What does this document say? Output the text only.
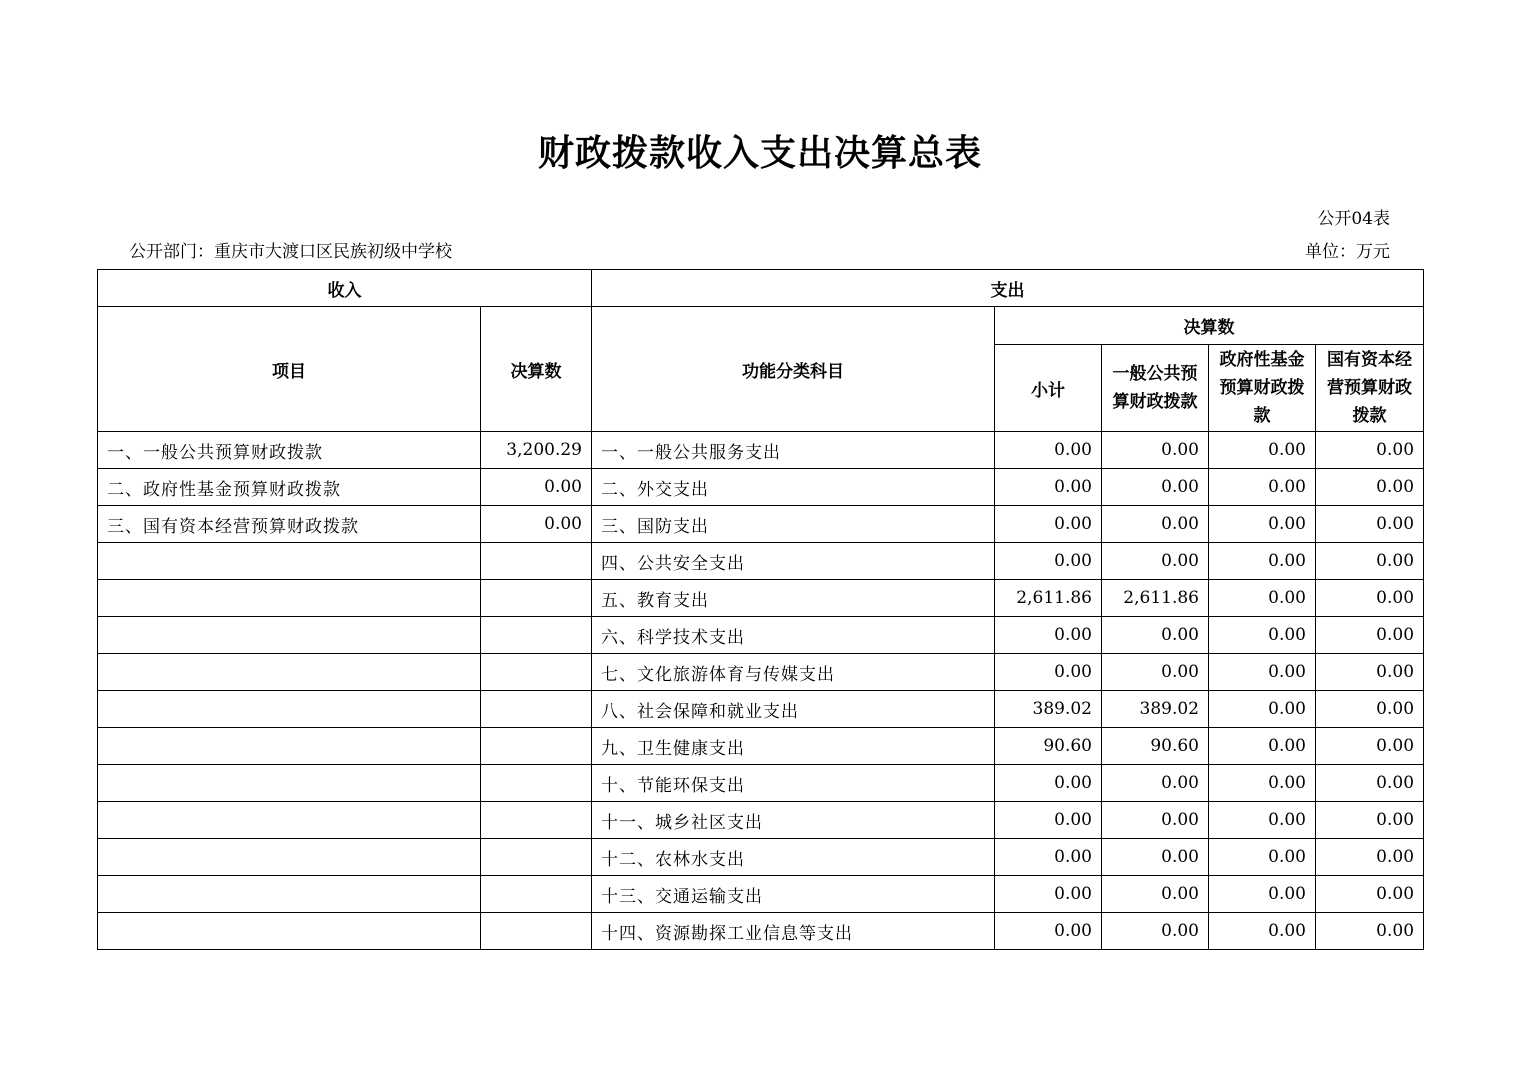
财政拨款收入支出决算总表
公开04表
公开部门：重庆市大渡口区民族初级中学校	单位：万元
收入		支出				
项目	决算数	功能分类科目	决算数			
			小计	一般公共预算财政拨款	政府性基金预算财政拨款	国有资本经营预算财政拨款
一、一般公共预算财政拨款	3,200.29	一、一般公共服务支出	0.00	0.00	0.00	0.00
二、政府性基金预算财政拨款	0.00	二、外交支出	0.00	0.00	0.00	0.00
三、国有资本经营预算财政拨款	0.00	三、国防支出	0.00	0.00	0.00	0.00
		四、公共安全支出	0.00	0.00	0.00	0.00
		五、教育支出	2,611.86	2,611.86	0.00	0.00
		六、科学技术支出	0.00	0.00	0.00	0.00
		七、文化旅游体育与传媒支出	0.00	0.00	0.00	0.00
		八、社会保障和就业支出	389.02	389.02	0.00	0.00
		九、卫生健康支出	90.60	90.60	0.00	0.00
		十、节能环保支出	0.00	0.00	0.00	0.00
		十一、城乡社区支出	0.00	0.00	0.00	0.00
		十二、农林水支出	0.00	0.00	0.00	0.00
		十三、交通运输支出	0.00	0.00	0.00	0.00
		十四、资源勘探工业信息等支出	0.00	0.00	0.00	0.00
